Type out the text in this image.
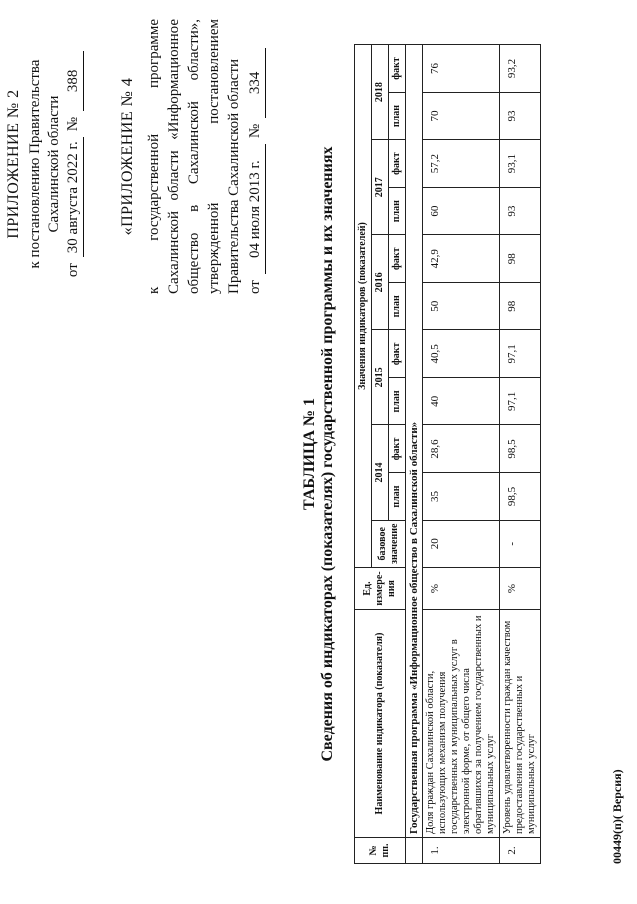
ПРИЛОЖЕНИЕ № 2 к постановлению Правительства Сахалинской области
от
30 августа 2022 г.
№
388 «ПРИЛОЖЕНИЕ № 4 к государственной программе Сахалинской области «Информационное общество в Сахалинской области», утвержденной постановлением Правительства Сахалинской области от
04 июля 2013 г.
№
334
ТАБЛИЦА № 1 Сведения об индикаторах (показателях) государственной программы и их значениях
№ пп.	Наименование индикатора (показателя)	Ед. измере-ния	Значения индикаторов (показателей)										
			базовое значение	2014		2015		2016		2017		2018	
				план	факт	план	факт	план	факт	план	факт	план	факт
	Государственная программа «Информационное общество в Сахалинской области»												
1.	Доля граждан Сахалинской области, использующих механизм получения государственных и муниципальных услуг в электронной форме, от общего числа обратившихся за получением государственных и муниципальных услуг	%	20	35	28,6	40	40,5	50	42,9	60	57,2	70	76
2.	Уровень удовлетворенности граждан качеством предоставления государственных и муниципальных услуг	%	-	98,5	98,5	97,1	97,1	98	98	93	93,1	93	93,2
00449(п)( Версия)
